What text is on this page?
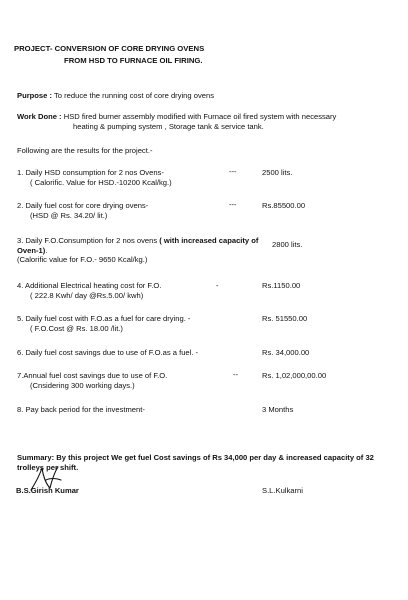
PROJECT- CONVERSION OF CORE DRYING OVENS
FROM HSD TO FURNACE OIL FIRING.
Purpose : To reduce the running cost of core drying ovens
Work Done : HSD fired burner assembly modified with Furnace oil fired system with necessary
heating & pumping system , Storage tank & service tank.
Following are the results for the project.-
1. Daily HSD consumption for 2 nos Ovens-
( Calorific. Value for HSD.-10200 Kcal/kg.)
---	2500 lits.
2. Daily fuel cost for core drying ovens-
(HSD @ Rs. 34.20/ lit.)
---	Rs.85500.00
3. Daily F.O.Consumption for 2 nos ovens ( with increased capacity of Oven-1).
(Calorific value for F.O.- 9650 Kcal/kg.)
2800 lits.
4. Additional Electrical heating cost for F.O.
( 222.8 Kwh/ day @Rs.5.00/ kwh)
-	Rs.1150.00
5. Daily fuel cost with F.O.as a fuel for care drying. -
( F.O.Cost @ Rs. 18.00 /lit.)
Rs. 51550.00
6. Daily fuel cost savings due to use of F.O.as a fuel. -	Rs. 34,000.00
7.Annual fuel cost savings due to use of F.O.
(Cnsidering 300 working days.)
--	Rs. 1,02,000,00.00
8. Pay back period for the investment-	3 Months
Summary: By this project We get fuel Cost savings of Rs 34,000 per day & increased capacity of 32 trolleys per shift.
B.S.Girish Kumar	S.L.Kulkarni
